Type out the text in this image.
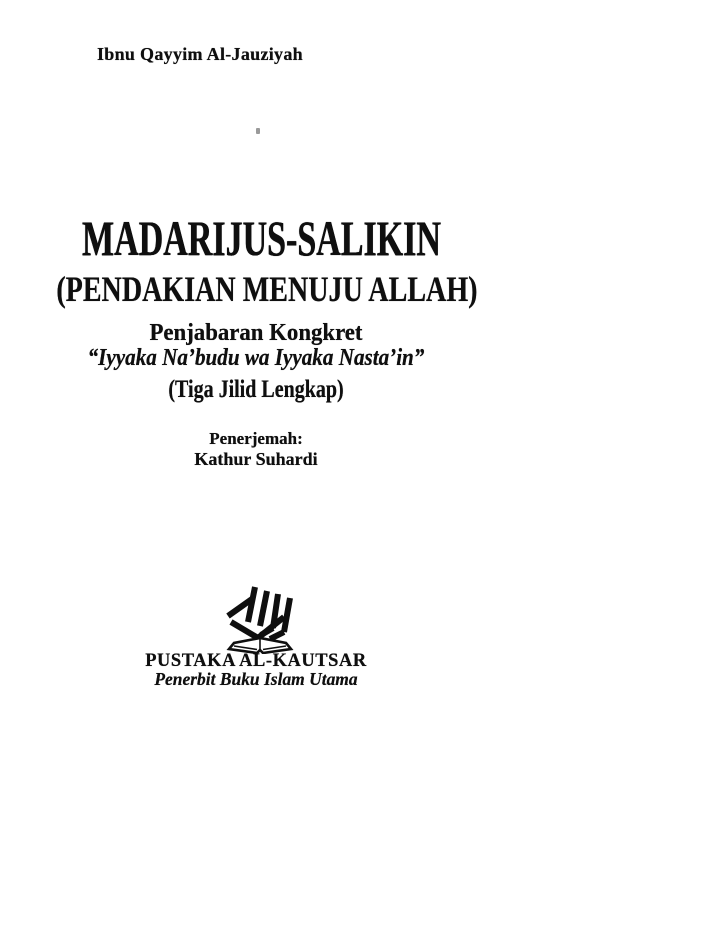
Ibnu Qayyim Al-Jauziyah
MADARIJUS-SALIKIN
(PENDAKIAN MENUJU ALLAH)
Penjabaran Kongkret
“Iyyaka Na’budu wa Iyyaka Nasta’in”
(Tiga Jilid Lengkap)
Penerjemah:
Kathur Suhardi
PUSTAKA AL-KAUTSAR
Penerbit Buku Islam Utama
